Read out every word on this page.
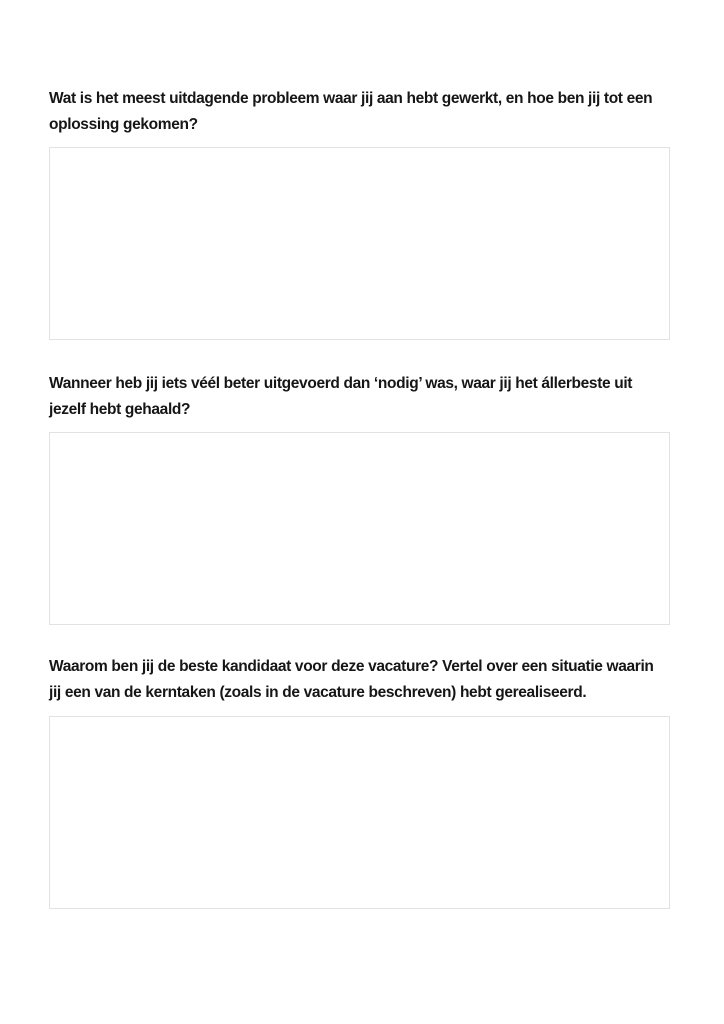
Wat is het meest uitdagende probleem waar jij aan hebt gewerkt, en hoe ben jij tot een oplossing gekomen?

Wanneer heb jij iets véél beter uitgevoerd dan ‘nodig’ was, waar jij het állerbeste uit jezelf hebt gehaald?

Waarom ben jij de beste kandidaat voor deze vacature? Vertel over een situatie waarin jij een van de kerntaken (zoals in de vacature beschreven) hebt gerealiseerd.
